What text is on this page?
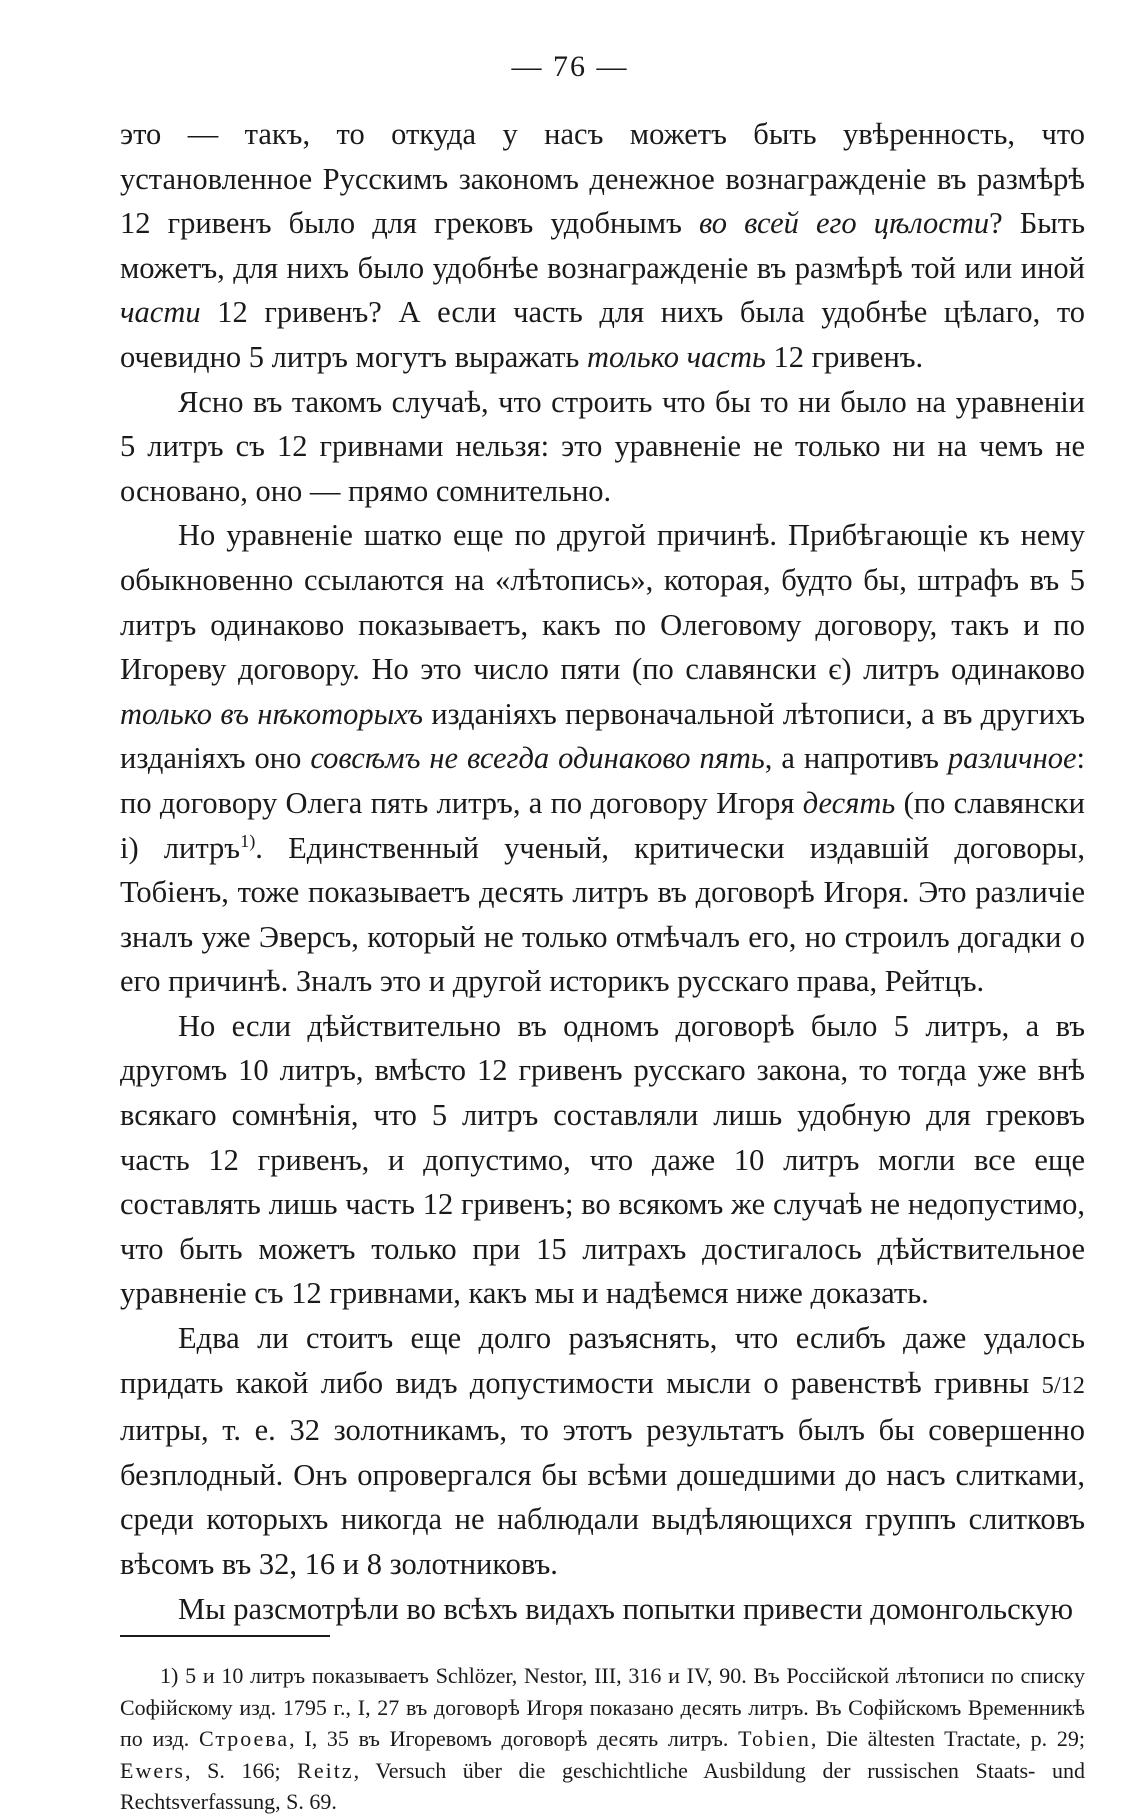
— 76 —

это — такъ, то откуда у насъ можетъ быть увѣренность, что установленное Русскимъ закономъ денежное вознагражденіе въ размѣрѣ 12 гривенъ было для грековъ удобнымъ во всей его цѣлости? Быть можетъ, для нихъ было удобнѣе вознагражденіе въ размѣрѣ той или иной части 12 гривенъ? А если часть для нихъ была удобнѣе цѣлаго, то очевидно 5 литръ могутъ выражать только часть 12 гривенъ.

Ясно въ такомъ случаѣ, что строить что бы то ни было на уравненіи 5 литръ съ 12 гривнами нельзя: это уравненіе не только ни на чемъ не основано, оно — прямо сомнительно.

Но уравненіе шатко еще по другой причинѣ. Прибѣгающіе къ нему обыкновенно ссылаются на «лѣтопись», которая, будто бы, штрафъ въ 5 литръ одинаково показываетъ, какъ по Олеговому договору, такъ и по Игореву договору. Но это число пяти (по славянски є) литръ одинаково только въ нѣкоторыхъ изданіяхъ первоначальной лѣтописи, а въ другихъ изданіяхъ оно совсѣмъ не всегда одинаково пять, а напротивъ различное: по договору Олега пять литръ, а по договору Игоря десять (по славянски і) литръ$^{1)}$. Единственный ученый, критически издавшій договоры, Тобіенъ, тоже показываетъ десять литръ въ договорѣ Игоря. Это различіе зналъ уже Эверсъ, который не только отмѣчалъ его, но строилъ догадки о его причинѣ. Зналъ это и другой историкъ русскаго права, Рейтцъ.

Но если дѣйствительно въ одномъ договорѣ было 5 литръ, а въ другомъ 10 литръ, вмѣсто 12 гривенъ русскаго закона, то тогда уже внѣ всякаго сомнѣнія, что 5 литръ составляли лишь удобную для грековъ часть 12 гривенъ, и допустимо, что даже 10 литръ могли все еще составлять лишь часть 12 гривенъ; во всякомъ же случаѣ не недопустимо, что быть можетъ только при 15 литрахъ достигалось дѣйствительное уравненіе съ 12 гривнами, какъ мы и надѣемся ниже доказать.

Едва ли стоитъ еще долго разъяснять, что еслибъ даже удалось придать какой либо видъ допустимости мысли о равенствѣ гривны 5/12 литры, т. е. 32 золотникамъ, то этотъ результатъ былъ бы совершенно безплодный. Онъ опровергался бы всѣми дошедшими до насъ слитками, среди которыхъ никогда не наблюдали выдѣляющихся группъ слитковъ вѣсомъ въ 32, 16 и 8 золотниковъ.

Мы разсмотрѣли во всѣхъ видахъ попытки привести домонгольскую

1) 5 и 10 литръ показываетъ Schlözer, Nestor, III, 316 и IV, 90. Въ Россійской лѣтописи по списку Софійскому изд. 1795 г., I, 27 въ договорѣ Игоря показано десять литръ. Въ Софійскомъ Временникѣ по изд. Строева, I, 35 въ Игоревомъ договорѣ десять литръ. Tobien, Die ältesten Tractate, p. 29; Ewers, S. 166; Reitz, Versuch über die geschichtliche Ausbildung der russischen Staats- und Rechtsverfassung, S. 69.
